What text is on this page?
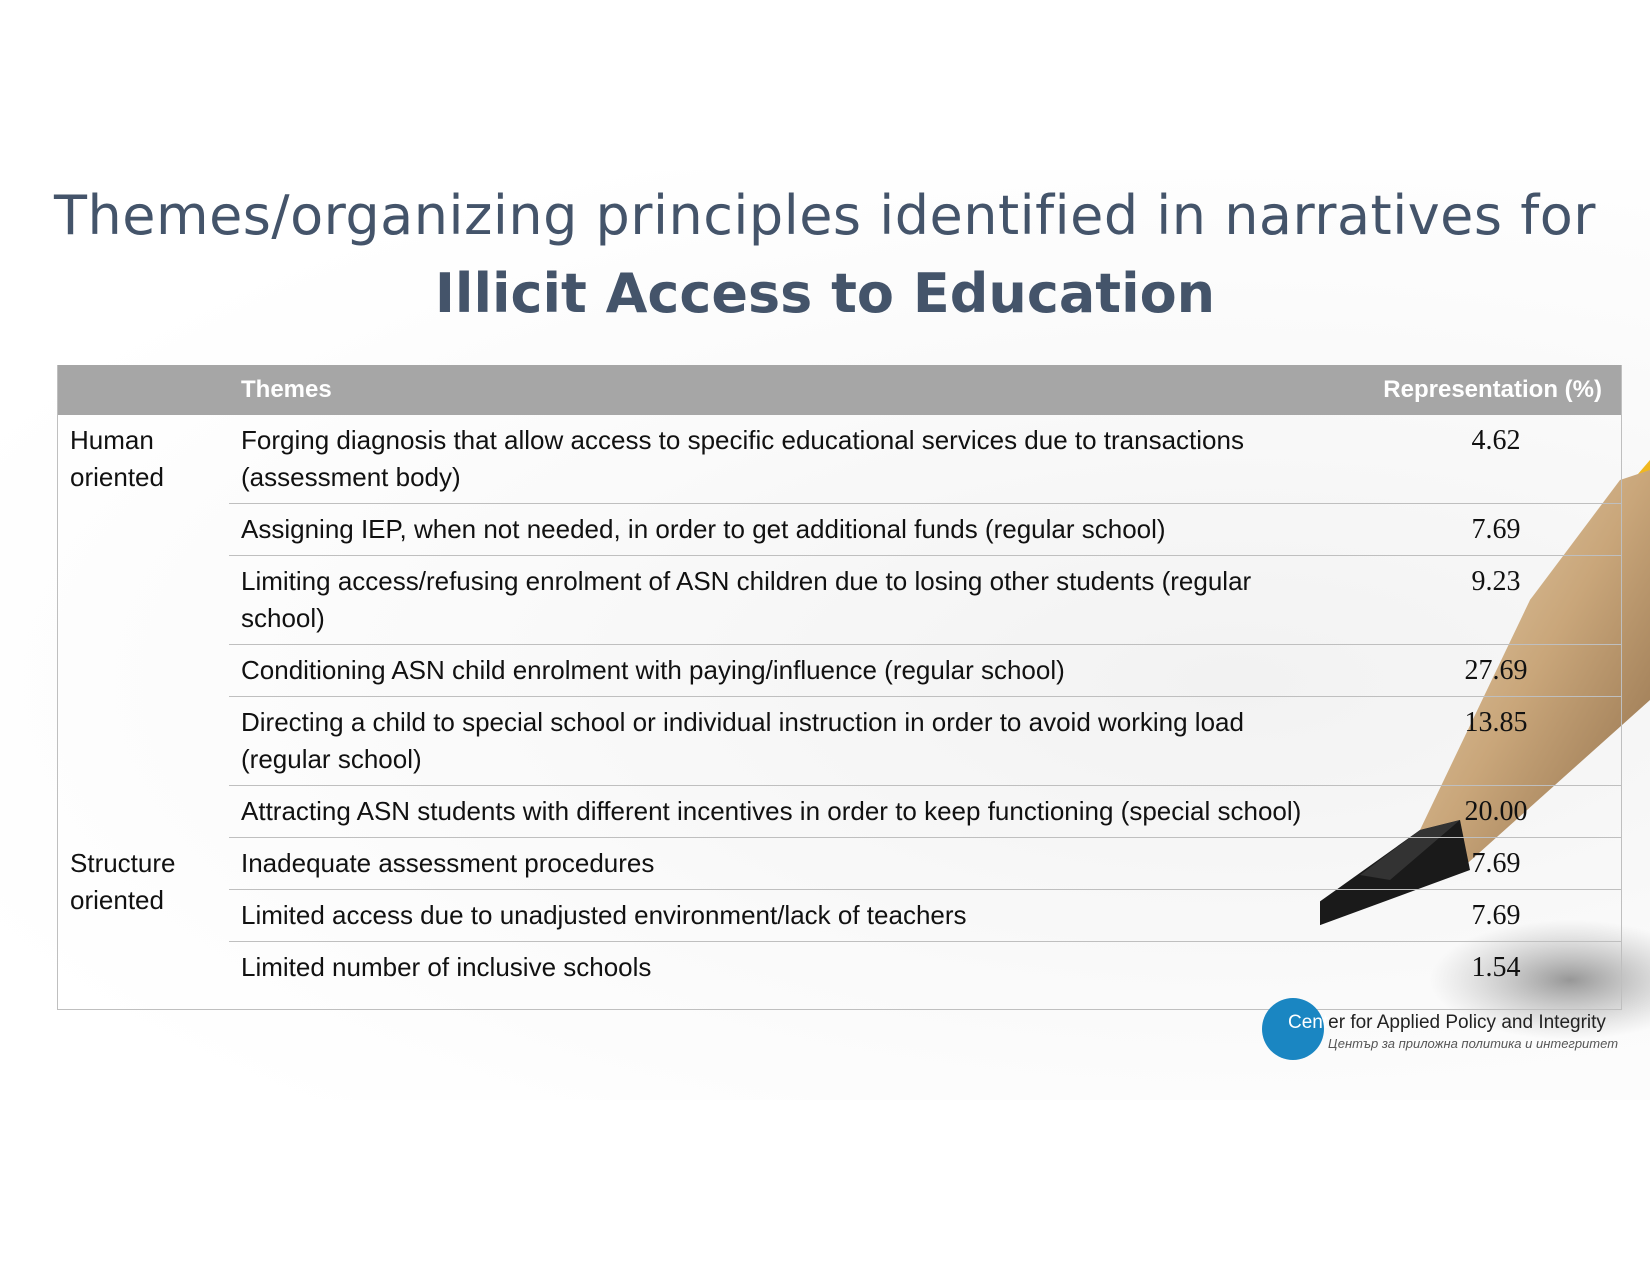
Themes/organizing principles identified in narratives for
Illicit Access to Education
	Themes	Representation (%)
Human oriented	Forging diagnosis that allow access to specific educational services due to transactions (assessment body)	4.62
	Assigning IEP, when not needed, in order to get additional funds (regular school)	7.69
	Limiting access/refusing enrolment of ASN children due to losing other students (regular school)	9.23
	Conditioning ASN child enrolment with paying/influence (regular school)	27.69
	Directing a child to special school or individual instruction in order to avoid working load (regular school)	13.85
	Attracting ASN students with different incentives in order to keep functioning (special school)	20.00
Structure oriented	Inadequate assessment procedures	7.69
	Limited access due to unadjusted environment/lack of teachers	7.69
	Limited number of inclusive schools	1.54
Center for Applied Policy and Integrity
Център за приложна политика и интегритет
